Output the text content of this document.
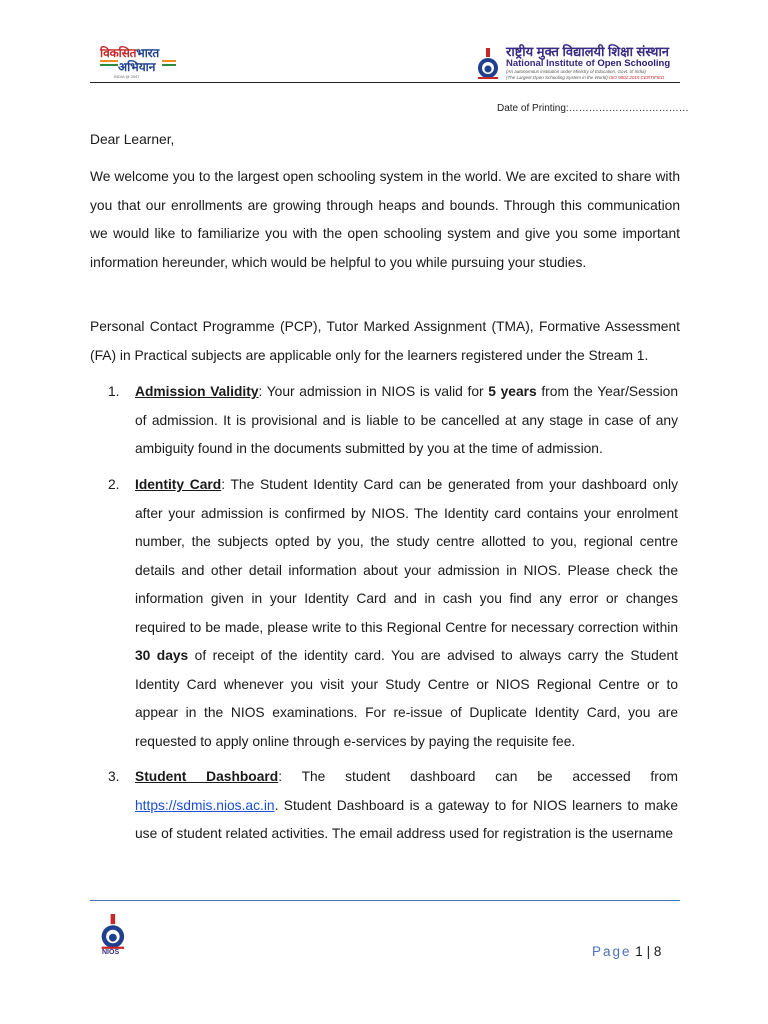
विकसितभारत
अभियान
INDIA @ 2047
राष्ट्रीय मुक्त विद्यालयी शिक्षा संस्थान
National Institute of Open Schooling
(An autonomous institution under Ministry of Education, Govt. of India)
(The Largest Open Schooling System in the World) ISO 9001:2015 CERTIFIED
Date of Printing:………………………………
Dear Learner,
We welcome you to the largest open schooling system in the world. We are excited to share with you that our enrollments are growing through heaps and bounds. Through this communication we would like to familiarize you with the open schooling system and give you some important information hereunder, which would be helpful to you while pursuing your studies.
Personal Contact Programme (PCP), Tutor Marked Assignment (TMA), Formative Assessment (FA) in Practical subjects are applicable only for the learners registered under the Stream 1.
1. Admission Validity: Your admission in NIOS is valid for 5 years from the Year/Session of admission. It is provisional and is liable to be cancelled at any stage in case of any ambiguity found in the documents submitted by you at the time of admission.
2. Identity Card: The Student Identity Card can be generated from your dashboard only after your admission is confirmed by NIOS. The Identity card contains your enrolment number, the subjects opted by you, the study centre allotted to you, regional centre details and other detail information about your admission in NIOS. Please check the information given in your Identity Card and in cash you find any error or changes required to be made, please write to this Regional Centre for necessary correction within 30 days of receipt of the identity card. You are advised to always carry the Student Identity Card whenever you visit your Study Centre or NIOS Regional Centre or to appear in the NIOS examinations. For re-issue of Duplicate Identity Card, you are requested to apply online through e-services by paying the requisite fee.
3. Student Dashboard: The student dashboard can be accessed from https://sdmis.nios.ac.in. Student Dashboard is a gateway to for NIOS learners to make use of student related activities. The email address used for registration is the username
NIOS	Page 1 | 8
